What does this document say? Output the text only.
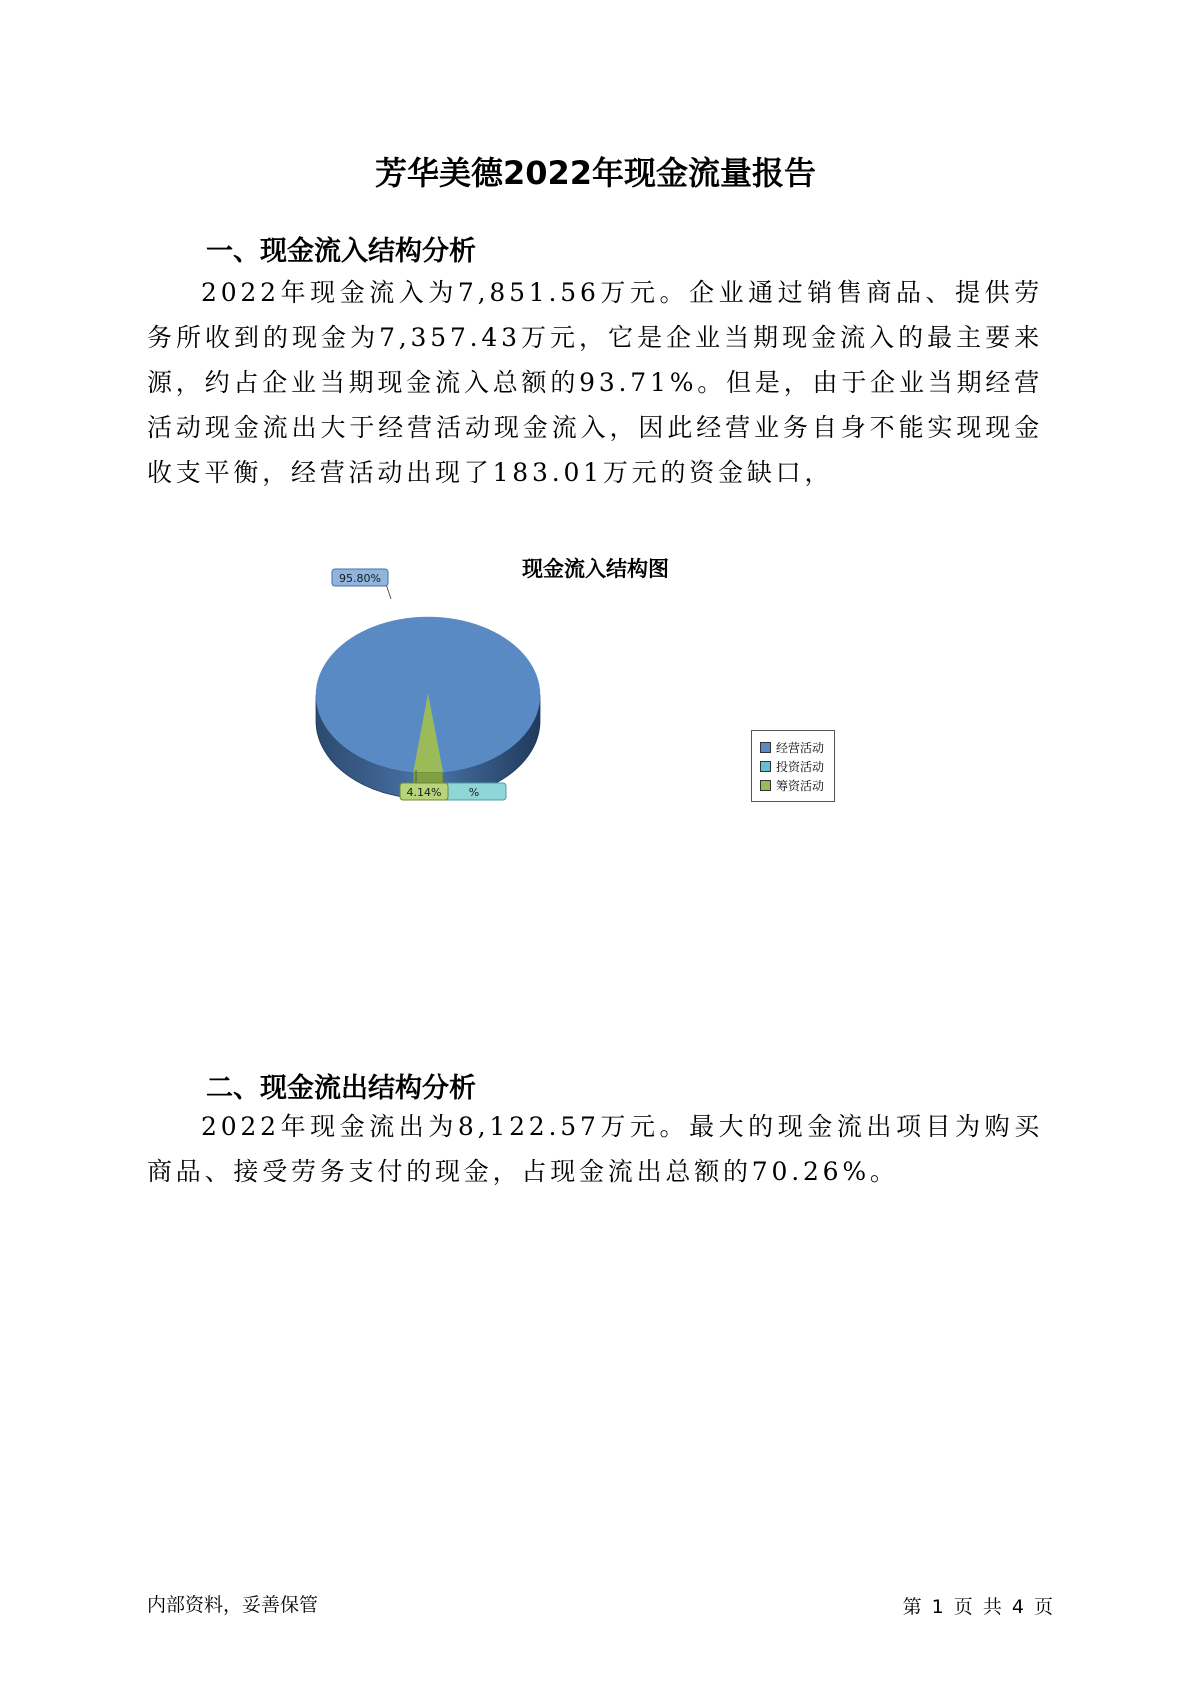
芳华美德2022年现金流量报告
一、现金流入结构分析

2022年现金流入为7,851.56万元。企业通过销售商品、提供劳务所收到的现金为7,357.43万元，它是企业当期现金流入的最主要来源，约占企业当期现金流入总额的93.71%。但是，由于企业当期经营活动现金流出大于经营活动现金流入，因此经营业务自身不能实现现金收支平衡，经营活动出现了183.01万元的资金缺口，

现金流入结构图
%
95.80%
4.14%
经营活动
投资活动
筹资活动
二、现金流出结构分析

2022年现金流出为8,122.57万元。最大的现金流出项目为购买商品、接受劳务支付的现金，占现金流出总额的70.26%。

内部资料，妥善保管	第 1 页 共 4 页
